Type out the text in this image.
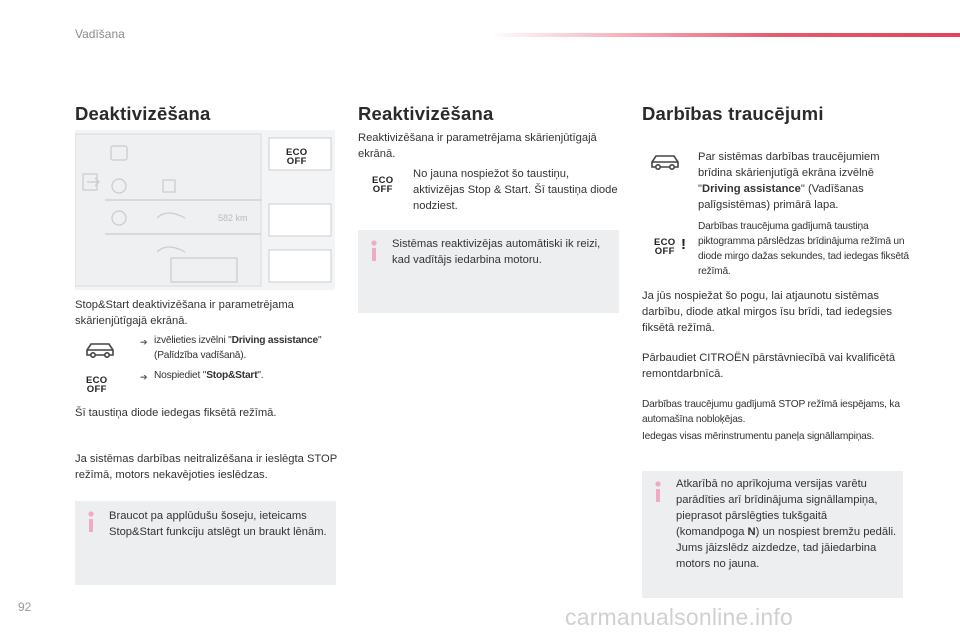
Vadīšana
Deaktivizēšana
ECO
OFF
582 km
Stop&Start deaktivizēšana ir parametrējama skārienjūtīgajā ekrānā.
➔ izvēlieties izvēlni "Driving assistance" (Palīdzība vadīšanā).
ECO
OFF
➔ Nospiediet "Stop&Start".
Šī taustiņa diode iedegas fiksētā režīmā.
Ja sistēmas darbības neitralizēšana ir ieslēgta STOP režīmā, motors nekavējoties ieslēdzas.
Braucot pa applūdušu šoseju, ieteicams Stop&Start funkciju atslēgt un braukt lēnām.
Reaktivizēšana
Reaktivizēšana ir parametrējama skārienjūtīgajā ekrānā.
ECO
OFF
No jauna nospiežot šo taustiņu, aktivizējas Stop & Start. Šī taustiņa diode nodziest.
Sistēmas reaktivizējas automātiski ik reizi, kad vadītājs iedarbina motoru.
Darbības traucējumi
Par sistēmas darbības traucējumiem brīdina skārienjutīgā ekrāna izvēlnē "Driving assistance" (Vadīšanas palīgsistēmas) primārā lapa.
ECO
OFF !
Darbības traucējuma gadījumā taustiņa piktogramma pārslēdzas brīdinājuma režīmā un diode mirgo dažas sekundes, tad iedegas fiksētā režīmā.
Ja jūs nospiežat šo pogu, lai atjaunotu sistēmas darbību, diode atkal mirgos īsu brīdi, tad iedegsies fiksētā režīmā.
Pārbaudiet CITROËN pārstāvniecībā vai kvalificētā remontdarbnīcā.
Darbības traucējumu gadījumā STOP režīmā iespējams, ka automašīna nobloķējas.
Iedegas visas mērinstrumentu paneļa signāllampiņas.
Atkarībā no aprīkojuma versijas varētu parādīties arī brīdinājuma signāllampiņa, pieprasot pārslēgties tukšgaitā (komandpoga N) un nospiest bremžu pedāli.
Jums jāizslēdz aizdedze, tad jāiedarbina motors no jauna.
92	carmanualsonline.info
